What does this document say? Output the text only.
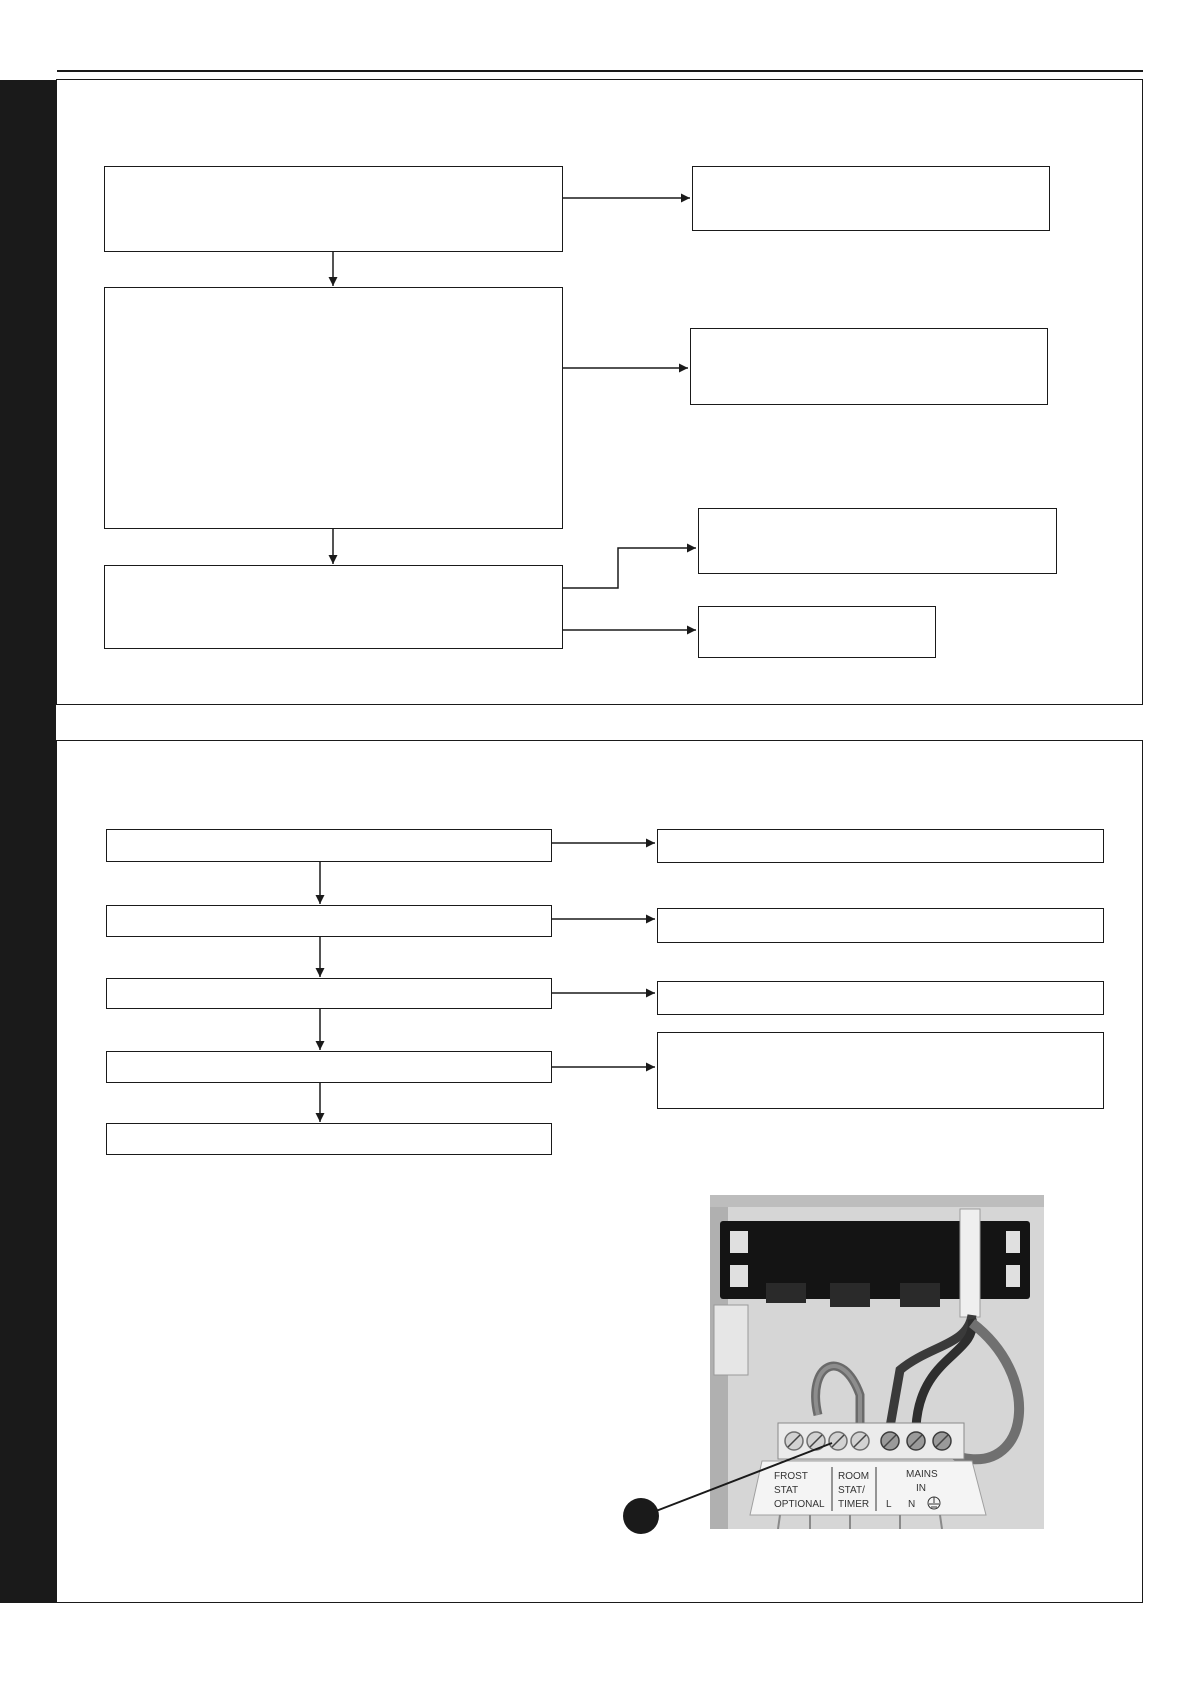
FROST
STAT
OPTIONAL
ROOM
STAT/
TIMER
MAINS
IN
L N
